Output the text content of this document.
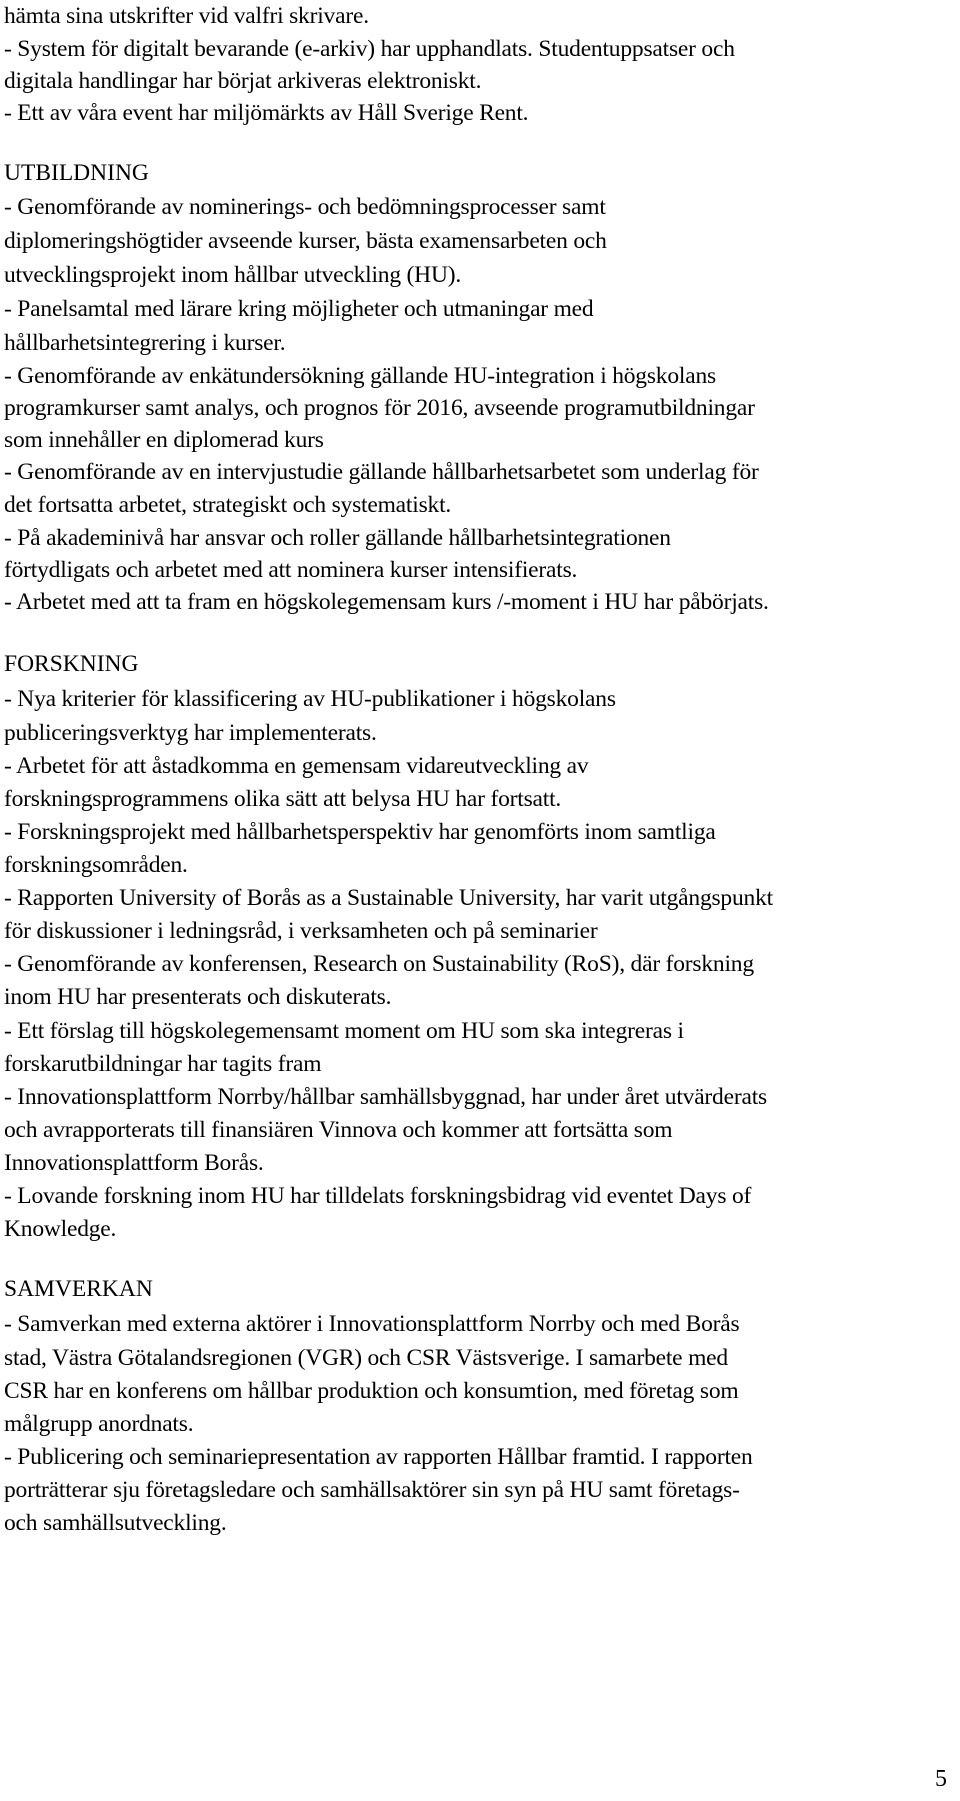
hämta sina utskrifter vid valfri skrivare.
- System för digitalt bevarande (e-arkiv) har upphandlats. Studentuppsatser och
digitala handlingar har börjat arkiveras elektroniskt.
- Ett av våra event har miljömärkts av Håll Sverige Rent.
UTBILDNING
- Genomförande av nominerings- och bedömningsprocesser samt
diplomeringshögtider avseende kurser, bästa examensarbeten och
utvecklingsprojekt inom hållbar utveckling (HU).
- Panelsamtal med lärare kring möjligheter och utmaningar med
hållbarhetsintegrering i kurser.
- Genomförande av enkätundersökning gällande HU-integration i högskolans
programkurser samt analys, och prognos för 2016, avseende programutbildningar
som innehåller en diplomerad kurs
- Genomförande av en intervjustudie gällande hållbarhetsarbetet som underlag för
det fortsatta arbetet, strategiskt och systematiskt.
- På akademinivå har ansvar och roller gällande hållbarhetsintegrationen
förtydligats och arbetet med att nominera kurser intensifierats.
- Arbetet med att ta fram en högskolegemensam kurs /-moment i HU har påbörjats.
FORSKNING
- Nya kriterier för klassificering av HU-publikationer i högskolans
publiceringsverktyg har implementerats.
- Arbetet för att åstadkomma en gemensam vidareutveckling av
forskningsprogrammens olika sätt att belysa HU har fortsatt.
- Forskningsprojekt med hållbarhetsperspektiv har genomförts inom samtliga
forskningsområden.
- Rapporten University of Borås as a Sustainable University, har varit utgångspunkt
för diskussioner i ledningsråd, i verksamheten och på seminarier
- Genomförande av konferensen, Research on Sustainability (RoS), där forskning
inom HU har presenterats och diskuterats.
- Ett förslag till högskolegemensamt moment om HU som ska integreras i
forskarutbildningar har tagits fram
- Innovationsplattform Norrby/hållbar samhällsbyggnad, har under året utvärderats
och avrapporterats till finansiären Vinnova och kommer att fortsätta som
Innovationsplattform Borås.
- Lovande forskning inom HU har tilldelats forskningsbidrag vid eventet Days of
Knowledge.
SAMVERKAN
- Samverkan med externa aktörer i Innovationsplattform Norrby och med Borås
stad, Västra Götalandsregionen (VGR) och CSR Västsverige. I samarbete med
CSR har en konferens om hållbar produktion och konsumtion, med företag som
målgrupp anordnats.
- Publicering och seminariepresentation av rapporten Hållbar framtid. I rapporten
porträtterar sju företagsledare och samhällsaktörer sin syn på HU samt företags-
och samhällsutveckling.
5
